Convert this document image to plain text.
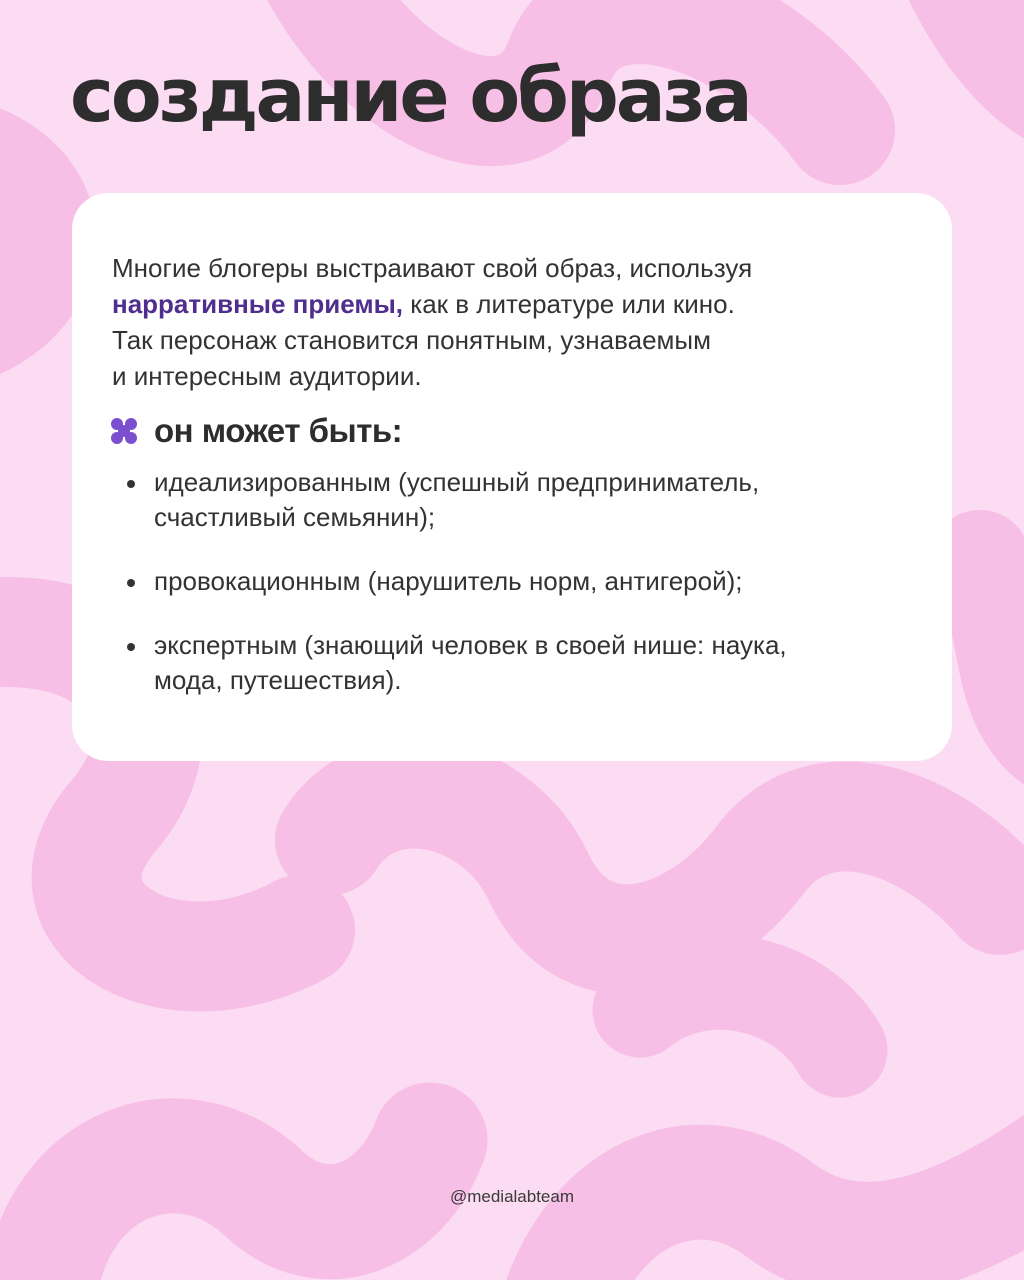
создание образа

Многие блогеры выстраивают свой образ, используя
нарративные приемы, как в литературе или кино.
Так персонаж становится понятным, узнаваемым
и интересным аудитории.

он может быть:
идеализированным (успешный предприниматель,
счастливый семьянин);
провокационным (нарушитель норм, антигерой);
экспертным (знающий человек в своей нише: наука,
мода, путешествия).
@medialabteam
